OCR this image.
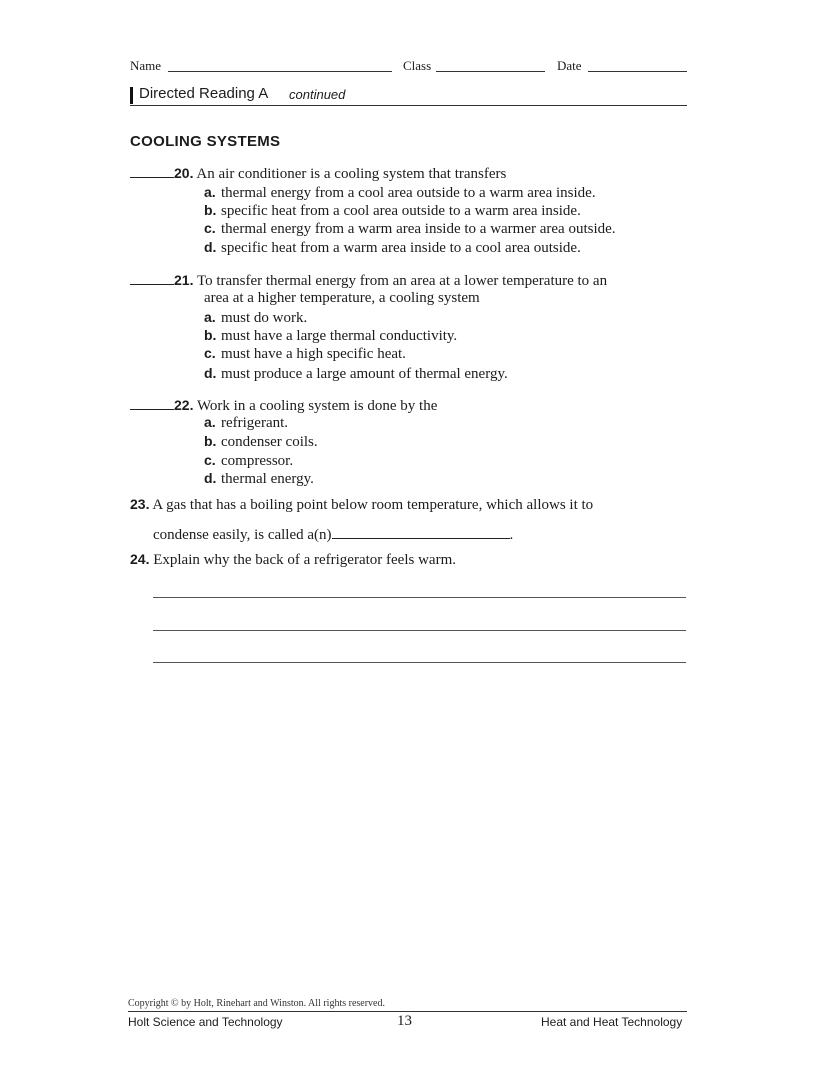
Name	Class	Date
Directed Reading A continued
COOLING SYSTEMS
20. An air conditioner is a cooling system that transfers
a. thermal energy from a cool area outside to a warm area inside.
b. specific heat from a cool area outside to a warm area inside.
c. thermal energy from a warm area inside to a warmer area outside.
d. specific heat from a warm area inside to a cool area outside.
21. To transfer thermal energy from an area at a lower temperature to an
area at a higher temperature, a cooling system
a. must do work.
b. must have a large thermal conductivity.
c. must have a high specific heat.
d. must produce a large amount of thermal energy.
22. Work in a cooling system is done by the
a. refrigerant.
b. condenser coils.
c. compressor.
d. thermal energy.
23. A gas that has a boiling point below room temperature, which allows it to
condense easily, is called a(n)	.
24. Explain why the back of a refrigerator feels warm.
Copyright © by Holt, Rinehart and Winston. All rights reserved.
Holt Science and Technology	13	Heat and Heat Technology
